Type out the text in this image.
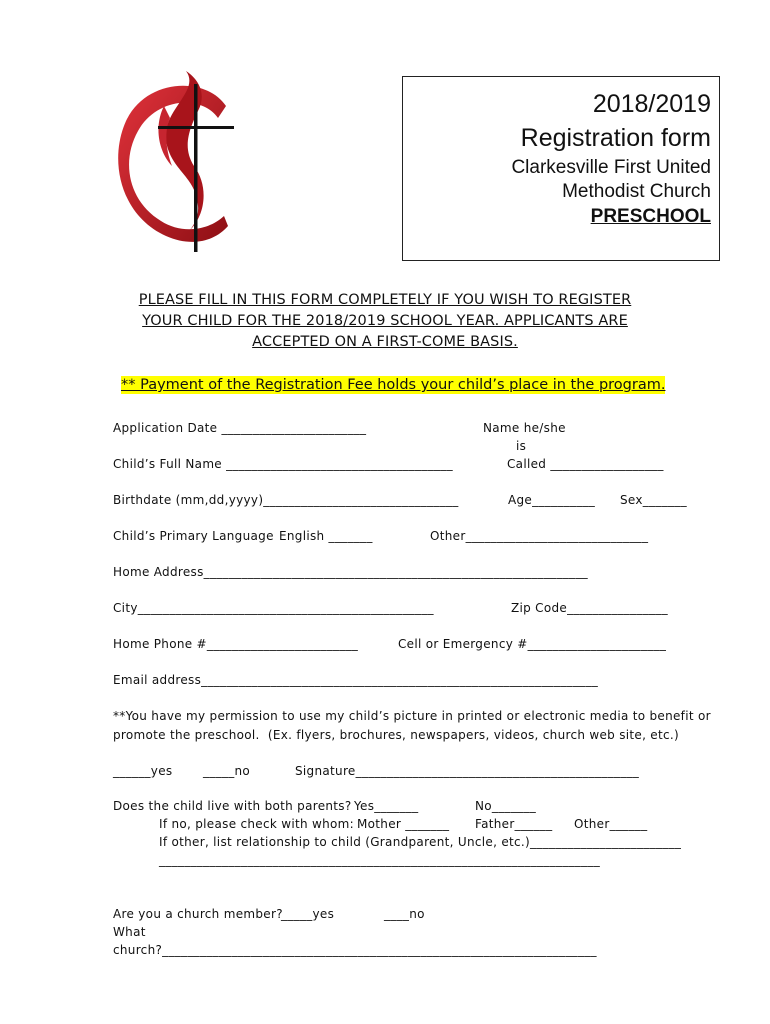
2018/2019
Registration form
Clarkesville First United
Methodist Church
PRESCHOOL
PLEASE FILL IN THIS FORM COMPLETELY IF YOU WISH TO REGISTER
YOUR CHILD FOR THE 2018/2019 SCHOOL YEAR. APPLICANTS ARE
ACCEPTED ON A FIRST-COME BASIS.
** Payment of the Registration Fee holds your child’s place in the program.
Application Date _______________________	Name he/she
is
Child’s Full Name ____________________________________	Called __________________
Birthdate (mm,dd,yyyy)_______________________________	Age__________ Sex_______
Child’s Primary Language English _______	Other_____________________________
Home Address_____________________________________________________________
City_______________________________________________	Zip Code________________
Home Phone #________________________	Cell or Emergency #______________________
Email address_______________________________________________________________
**You have my permission to use my child’s picture in printed or electronic media to benefit or
promote the preschool.  (Ex. flyers, brochures, newspapers, videos, church web site, etc.)
______yes	_____no	Signature_____________________________________________
Does the child live with both parents? Yes_______	No_______
If no, please check with whom: Mother _______ Father______ Other______
If other, list relationship to child (Grandparent, Uncle, etc.)________________________
______________________________________________________________________
Are you a church member?
_____yes	____no
What
church?_____________________________________________________________________
